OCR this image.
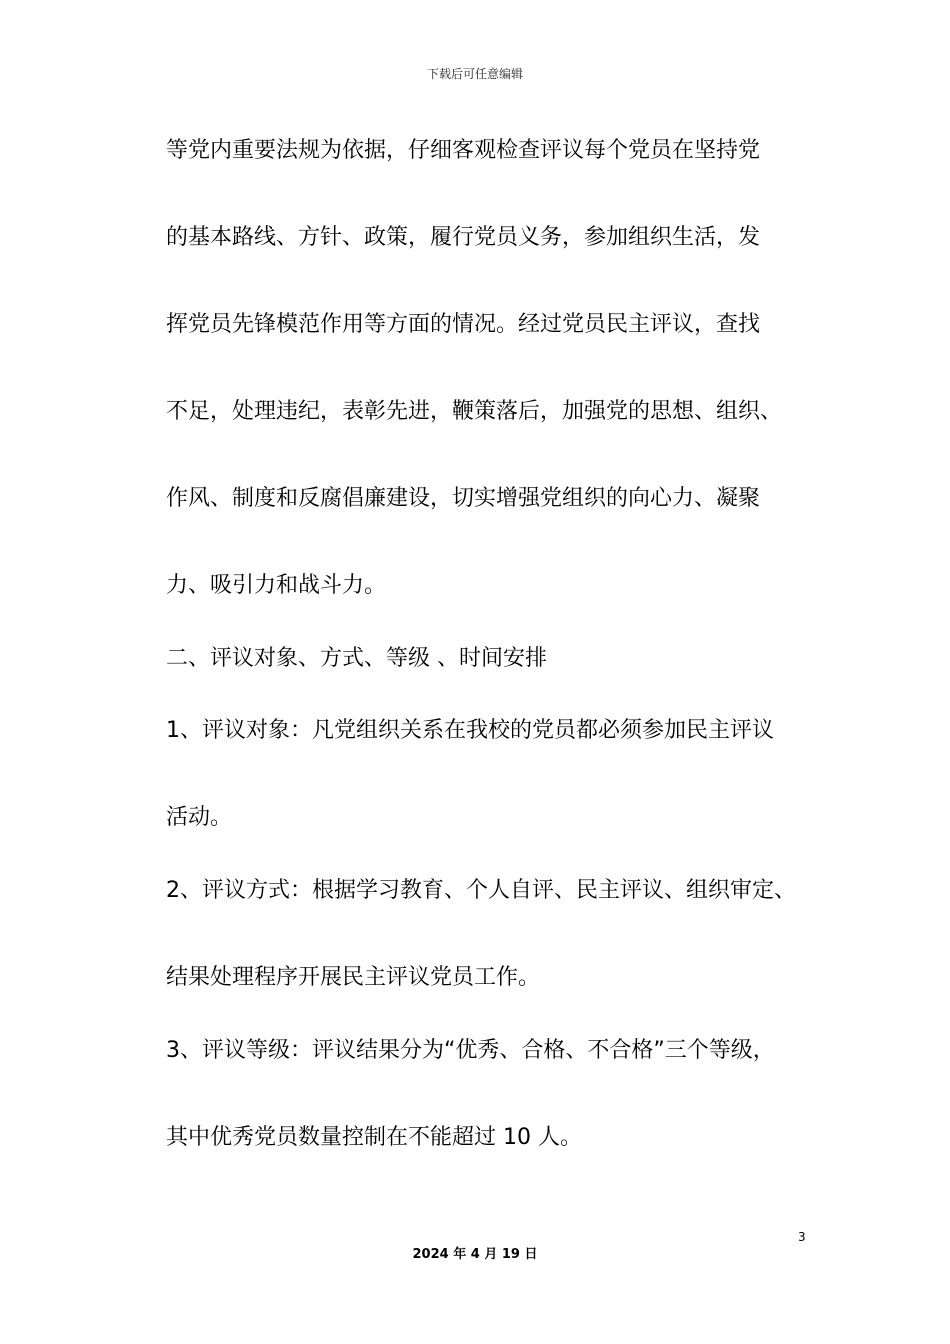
下载后可任意编辑
等党内重要法规为依据，仔细客观检查评议每个党员在坚持党
的基本路线、方针、政策，履行党员义务，参加组织生活，发
挥党员先锋模范作用等方面的情况。经过党员民主评议，查找
不足，处理违纪，表彰先进，鞭策落后，加强党的思想、组织、
作风、制度和反腐倡廉建设，切实增强党组织的向心力、凝聚
力、吸引力和战斗力。
二、评议对象、方式、等级 、时间安排
1、评议对象：凡党组织关系在我校的党员都必须参加民主评议
活动。
2、评议方式：根据学习教育、个人自评、民主评议、组织审定、
结果处理程序开展民主评议党员工作。
3、评议等级：评议结果分为“优秀、合格、不合格”三个等级，
其中优秀党员数量控制在不能超过 10 人。
3
2024 年 4 月 19 日
